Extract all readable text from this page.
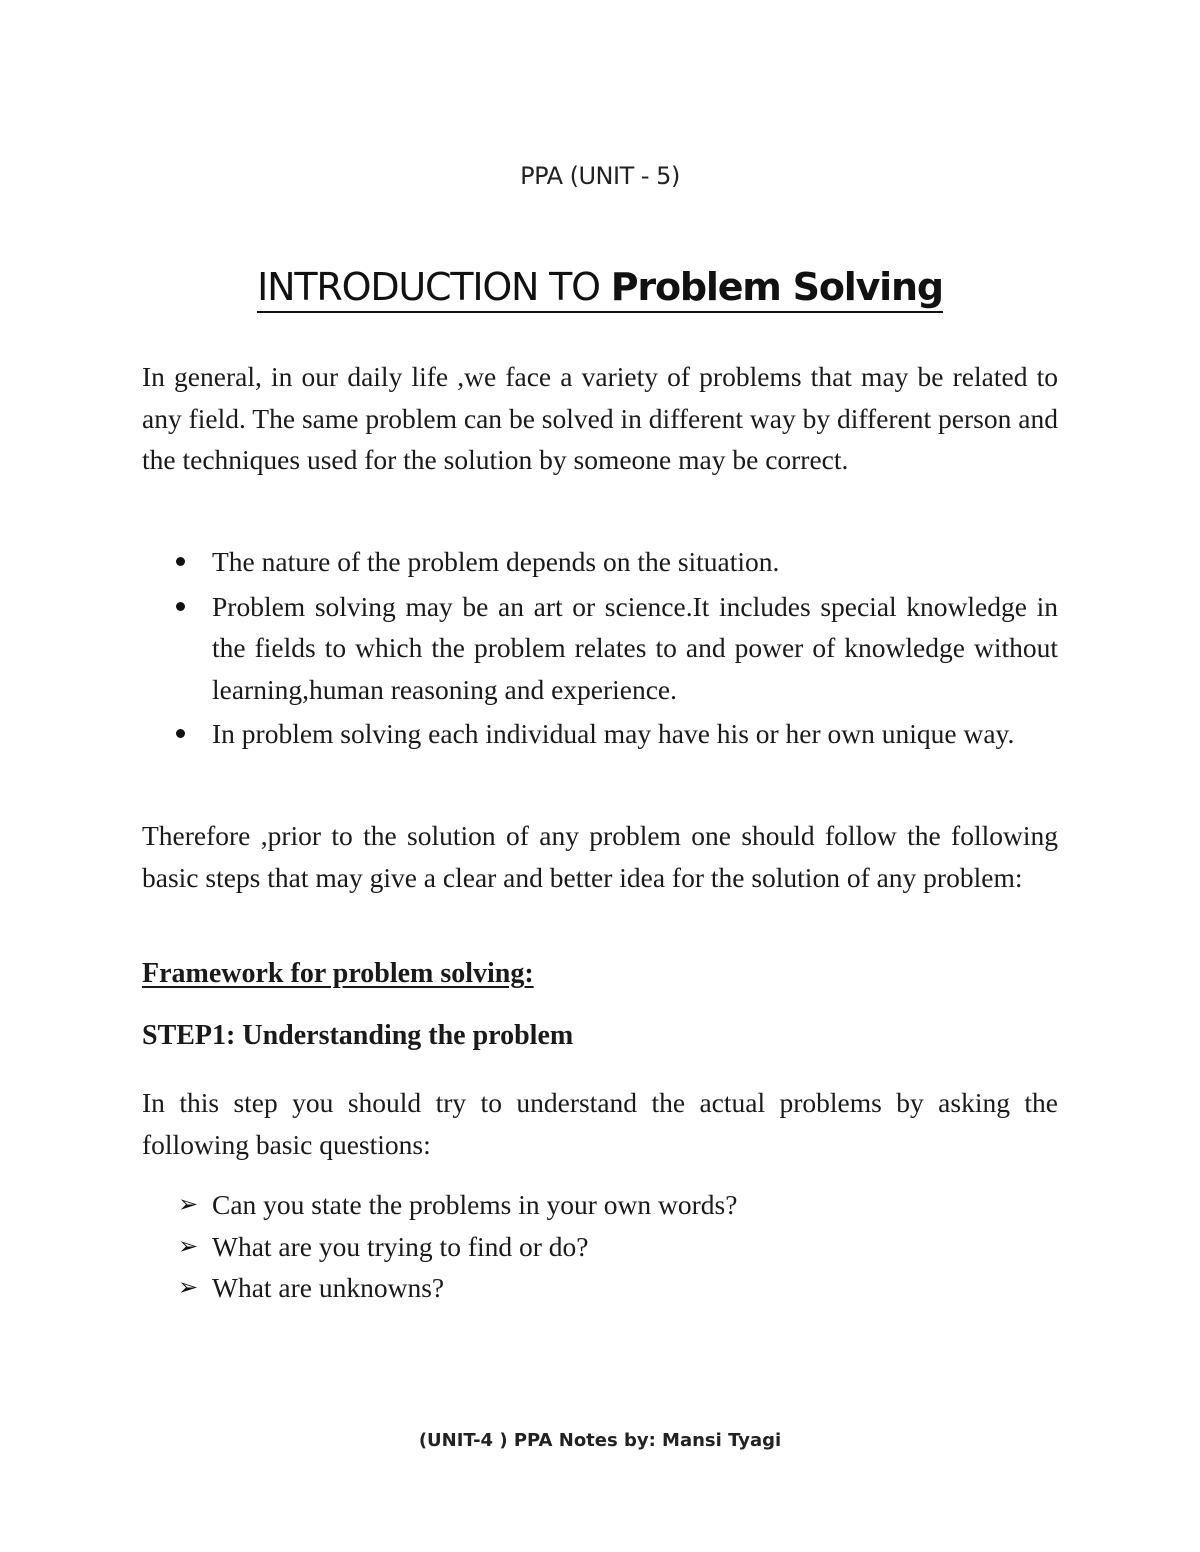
PPA (UNIT - 5)
INTRODUCTION TO Problem Solving
In general, in our daily life ,we face a variety of problems that may be related to any field. The same problem can be solved in different way by different person and the techniques used for the solution by someone may be correct.
The nature of the problem depends on the situation.
Problem solving may be an art or science.It includes special knowledge in the fields to which the problem relates to and power of knowledge without learning,human reasoning and experience.
In problem solving each individual may have his or her own unique way.
Therefore ,prior to the solution of any problem one should follow the following basic steps that may give a clear and better idea for the solution of any problem:
Framework for problem solving:
STEP1: Understanding the problem
In this step you should try to understand the actual problems by asking the following basic questions:
➢ Can you state the problems in your own words?
➢ What are you trying to find or do?
➢ What are unknowns?
(UNIT-4 ) PPA Notes by: Mansi Tyagi
